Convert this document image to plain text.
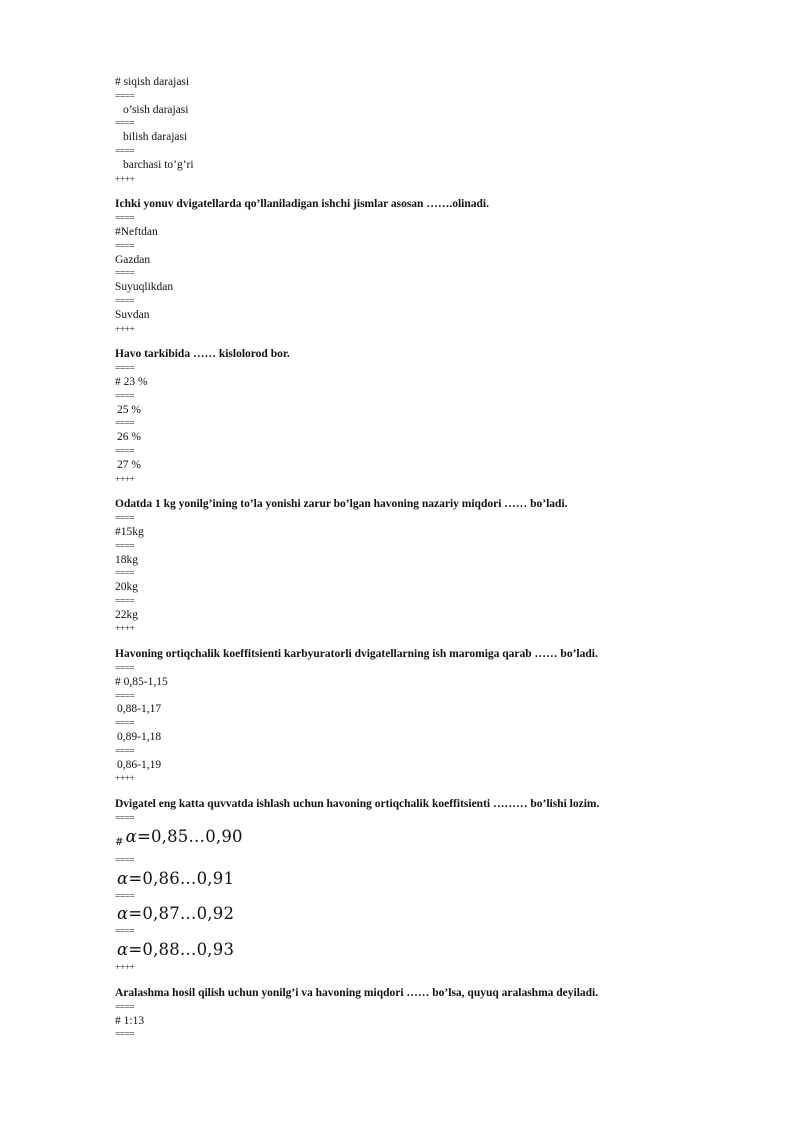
# siqish darajasi
====
o’sish darajasi
====
bilish darajasi
====
barchasi to’g’ri
++++
Ichki yonuv dvigatellarda qo’llaniladigan ishchi jismlar asosan …….olinadi.
====
#Neftdan
====
Gazdan
====
Suyuqlikdan
====
Suvdan
++++
Havo tarkibida …… kislolorod bor.
====
# 23 %
====
25 %
====
26 %
====
27 %
++++
Odatda 1 kg yonilg’ining to’la yonishi zarur bo’lgan havoning nazariy miqdori …… bo’ladi.
====
#15kg
====
18kg
====
20kg
====
22kg
++++
Havoning ortiqchalik koeffitsienti karbyuratorli dvigatellarning ish maromiga qarab …… bo’ladi.
====
# 0,85-1,15
====
0,88-1,17
====
0,89-1,18
====
0,86-1,19
++++
Dvigatel eng katta quvvatda ishlash uchun havoning ortiqchalik koeffitsienti ……… bo’lishi lozim.
====
# α=0,85…0,90
====
α=0,86…0,91
====
α=0,87…0,92
====
α=0,88…0,93
++++
Aralashma hosil qilish uchun yonilg’i va havoning miqdori …… bo’lsa, quyuq aralashma deyiladi.
====
# 1:13
====
